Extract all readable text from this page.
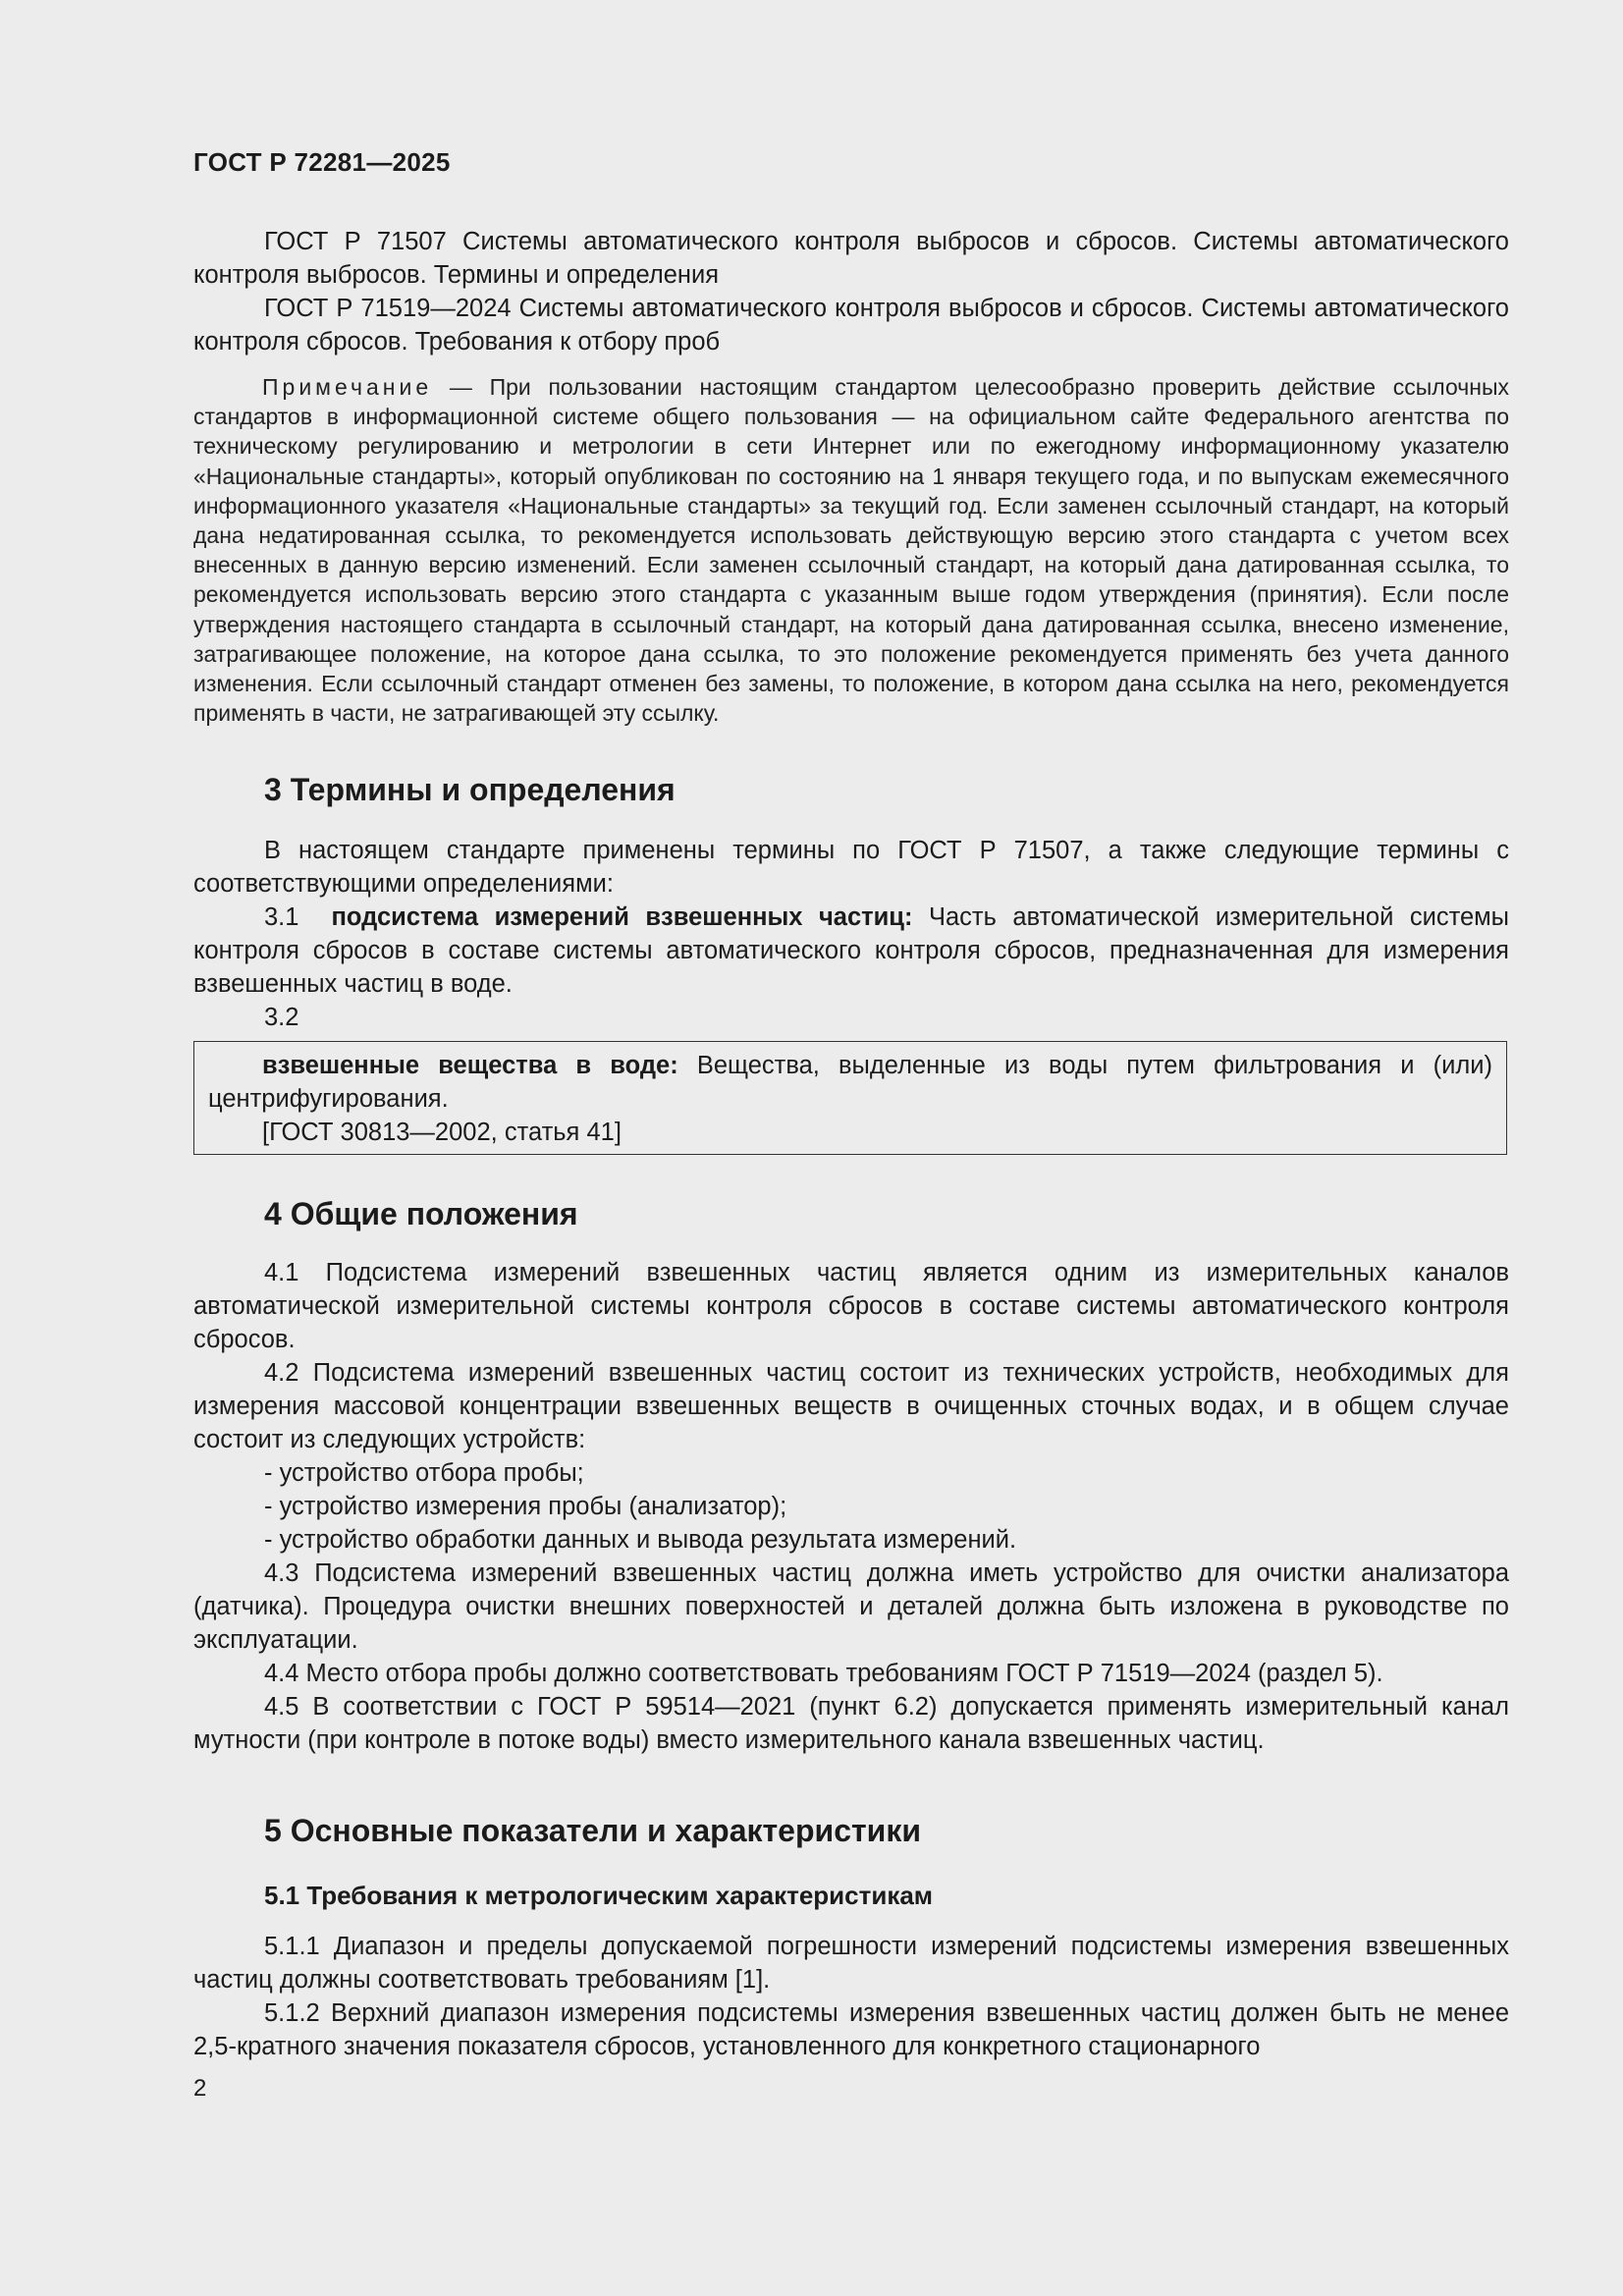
ГОСТ Р 72281—2025

ГОСТ Р 71507 Системы автоматического контроля выбросов и сбросов. Системы автоматического контроля выбросов. Термины и определения

ГОСТ Р 71519—2024 Системы автоматического контроля выбросов и сбросов. Системы автоматического контроля сбросов. Требования к отбору проб

Примечание — При пользовании настоящим стандартом целесообразно проверить действие ссылочных стандартов в информационной системе общего пользования — на официальном сайте Федерального агентства по техническому регулированию и метрологии в сети Интернет или по ежегодному информационному указателю «Национальные стандарты», который опубликован по состоянию на 1 января текущего года, и по выпускам ежемесячного информационного указателя «Национальные стандарты» за текущий год. Если заменен ссылочный стандарт, на который дана недатированная ссылка, то рекомендуется использовать действующую версию этого стандарта с учетом всех внесенных в данную версию изменений. Если заменен ссылочный стандарт, на который дана датированная ссылка, то рекомендуется использовать версию этого стандарта с указанным выше годом утверждения (принятия). Если после утверждения настоящего стандарта в ссылочный стандарт, на который дана датированная ссылка, внесено изменение, затрагивающее положение, на которое дана ссылка, то это положение рекомендуется применять без учета данного изменения. Если ссылочный стандарт отменен без замены, то положение, в котором дана ссылка на него, рекомендуется применять в части, не затрагивающей эту ссылку.

3 Термины и определения

В настоящем стандарте применены термины по ГОСТ Р 71507, а также следующие термины с соответствующими определениями:

3.1 подсистема измерений взвешенных частиц: Часть автоматической измерительной системы контроля сбросов в составе системы автоматического контроля сбросов, предназначенная для измерения взвешенных частиц в воде.

3.2

взвешенные вещества в воде: Вещества, выделенные из воды путем фильтрования и (или) центрифугирования.

[ГОСТ 30813—2002, статья 41]

4 Общие положения

4.1 Подсистема измерений взвешенных частиц является одним из измерительных каналов автоматической измерительной системы контроля сбросов в составе системы автоматического контроля сбросов.

4.2 Подсистема измерений взвешенных частиц состоит из технических устройств, необходимых для измерения массовой концентрации взвешенных веществ в очищенных сточных водах, и в общем случае состоит из следующих устройств:

- устройство отбора пробы;

- устройство измерения пробы (анализатор);

- устройство обработки данных и вывода результата измерений.

4.3 Подсистема измерений взвешенных частиц должна иметь устройство для очистки анализатора (датчика). Процедура очистки внешних поверхностей и деталей должна быть изложена в руководстве по эксплуатации.

4.4 Место отбора пробы должно соответствовать требованиям ГОСТ Р 71519—2024 (раздел 5).

4.5 В соответствии с ГОСТ Р 59514—2021 (пункт 6.2) допускается применять измерительный канал мутности (при контроле в потоке воды) вместо измерительного канала взвешенных частиц.

5 Основные показатели и характеристики
5.1 Требования к метрологическим характеристикам

5.1.1 Диапазон и пределы допускаемой погрешности измерений подсистемы измерения взвешенных частиц должны соответствовать требованиям [1].

5.1.2 Верхний диапазон измерения подсистемы измерения взвешенных частиц должен быть не менее 2,5-кратного значения показателя сбросов, установленного для конкретного стационарного

2
